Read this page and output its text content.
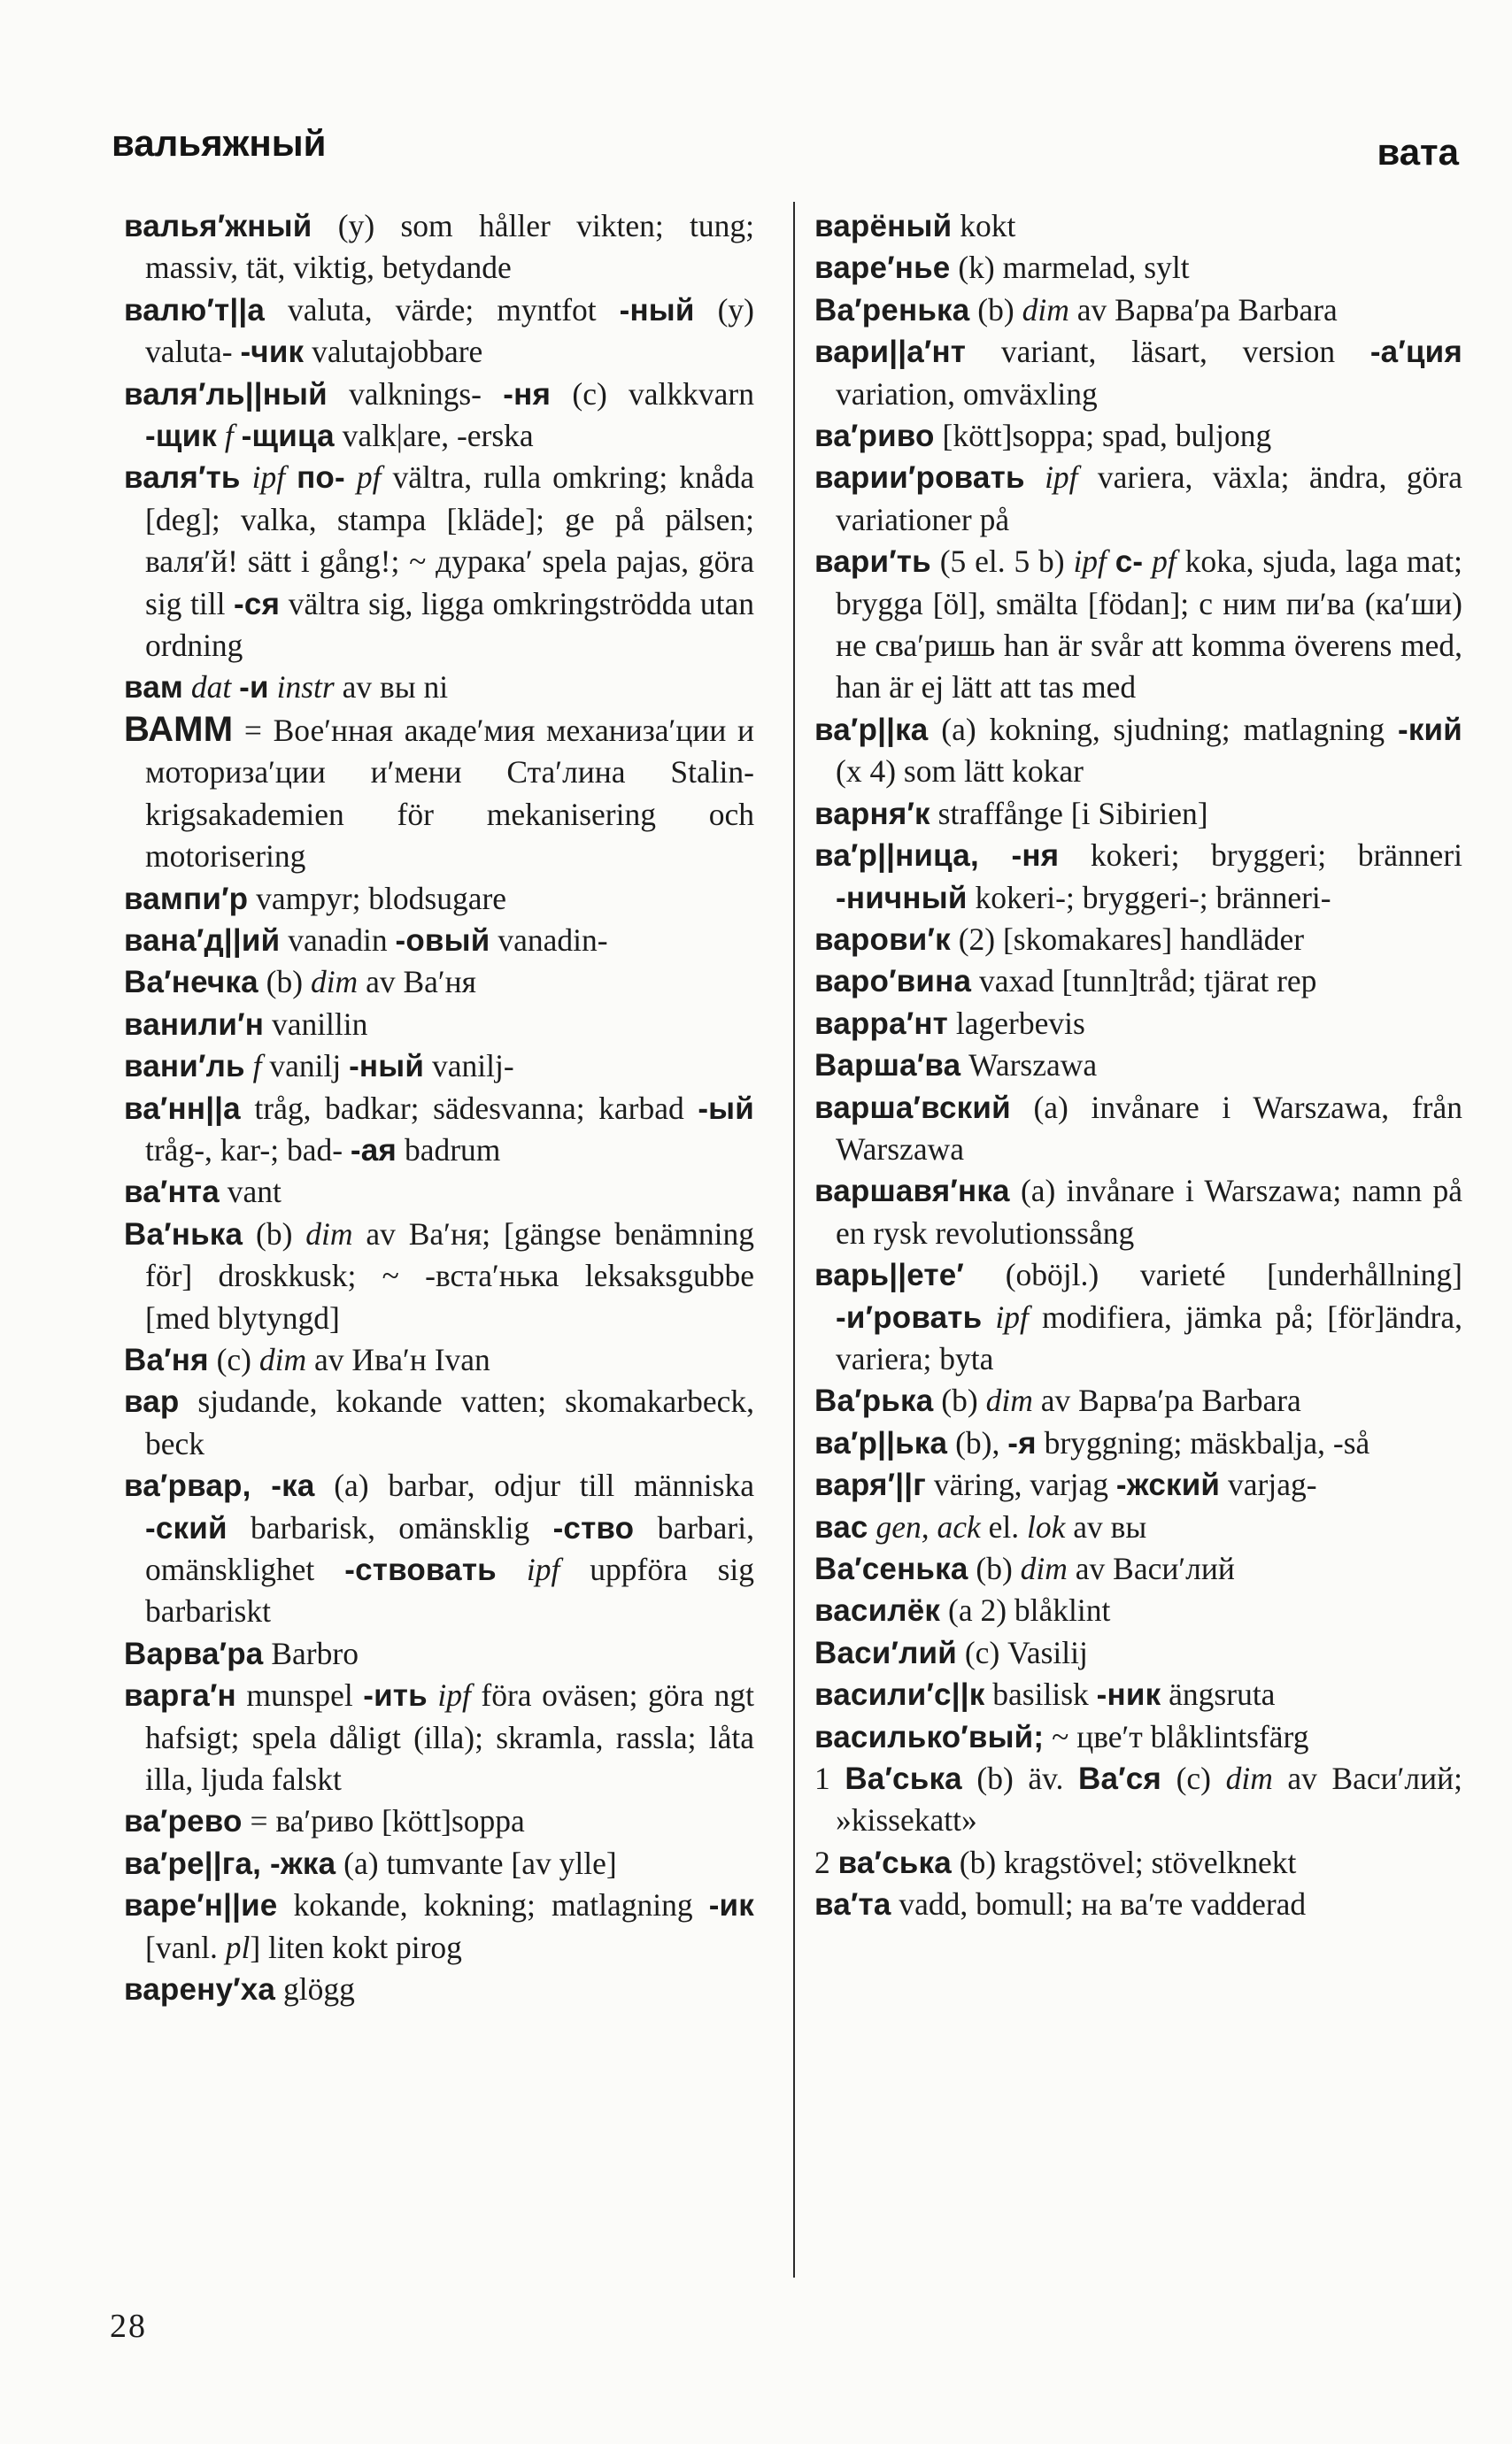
вальяжный	вата

валья′жный (y) som håller vikten; tung; massiv, tät, viktig, betydande

валю′т||а valuta, värde; myntfot -ный (y) valuta- -чик valutajobbare

валя′ль||ный valknings- -ня (c) valkkvarn -щик f -щица valk|are, -erska

валя′ть ipf по- pf vältra, rulla omkring; knåda [deg]; valka, stampa [kläde]; ge på pälsen; валя′й! sätt i gång!; ~ дурака′ spela pajas, göra sig till -ся vältra sig, ligga omkringströdda utan ordning

вам dat -и instr av вы ni

ВАММ = Вое′нная акаде′мия механиза′ции и моториза′ции и′мени Ста′лина Stalin-krigsakademien för mekanisering och motorisering

вампи′р vampyr; blodsugare

вана′д||ий vanadin -овый vanadin-

Ва′нечка (b) dim av Ва′ня

ванили′н vanillin

вани′ль f vanilj -ный vanilj-

ва′нн||а tråg, badkar; sädesvanna; karbad -ый tråg-, kar-; bad- -ая badrum

ва′нта vant

Ва′нька (b) dim av Ва′ня; [gängse benämning för] droskkusk; ~ -вста′нька leksaksgubbe [med blytyngd]

Ва′ня (c) dim av Ива′н Ivan

вар sjudande, kokande vatten; skomakarbeck, beck

ва′рвар, -ка (a) barbar, odjur till människa -ский barbarisk, omänsklig -ство barbari, omänsklighet -ствовать ipf uppföra sig barbariskt

Варва′ра Barbro

варга′н munspel -ить ipf föra oväsen; göra ngt hafsigt; spela dåligt (illa); skramla, rassla; låta illa, ljuda falskt

ва′рево = ва′риво [kött]soppa

ва′ре||га, -жка (a) tumvante [av ylle]

варе′н||ие kokande, kokning; matlagning -ик [vanl. pl] liten kokt pirog

варену′ха glögg

варёный kokt

варе′нье (k) marmelad, sylt

Ва′ренька (b) dim av Варва′ра Barbara

вари||а′нт variant, läsart, version -а′ция variation, omväxling

ва′риво [kött]soppa; spad, buljong

варии′ровать ipf variera, växla; ändra, göra variationer på

вари′ть (5 el. 5 b) ipf с- pf koka, sjuda, laga mat; brygga [öl], smälta [födan]; с ним пи′ва (ка′ши) не сва′ришь han är svår att komma överens med, han är ej lätt att tas med

ва′р||ка (a) kokning, sjudning; matlagning -кий (x 4) som lätt kokar

варня′к straffånge [i Sibirien]

ва′р||ница, -ня kokeri; bryggeri; bränneri -ничный kokeri-; bryggeri-; bränneri-

варови′к (2) [skomakares] handläder

варо′вина vaxad [tunn]tråd; tjärat rep

варра′нт lagerbevis

Варша′ва Warszawa

варша′вский (a) invånare i Warszawa, från Warszawa

варшавя′нка (a) invånare i Warszawa; namn på en rysk revolutionssång

варь||ете′ (oböjl.) varieté [underhållning] -и′ровать ipf modifiera, jämka på; [för]ändra, variera; byta

Ва′рька (b) dim av Варва′ра Barbara

ва′р||ька (b), -я bryggning; mäskbalja, -så

варя′||г väring, varjag -жский varjag-

вас gen, ack el. lok av вы

Ва′сенька (b) dim av Васи′лий

василёк (a 2) blåklint

Васи′лий (c) Vasilij

васили′с||к basilisk -ник ängsruta

василько′вый; ~ цве′т blåklintsfärg

1 Ва′ська (b) äv. Ва′ся (c) dim av Васи′лий; »kissekatt»

2 ва′ська (b) kragstövel; stövelknekt

ва′та vadd, bomull; на ва′те vadderad

28
